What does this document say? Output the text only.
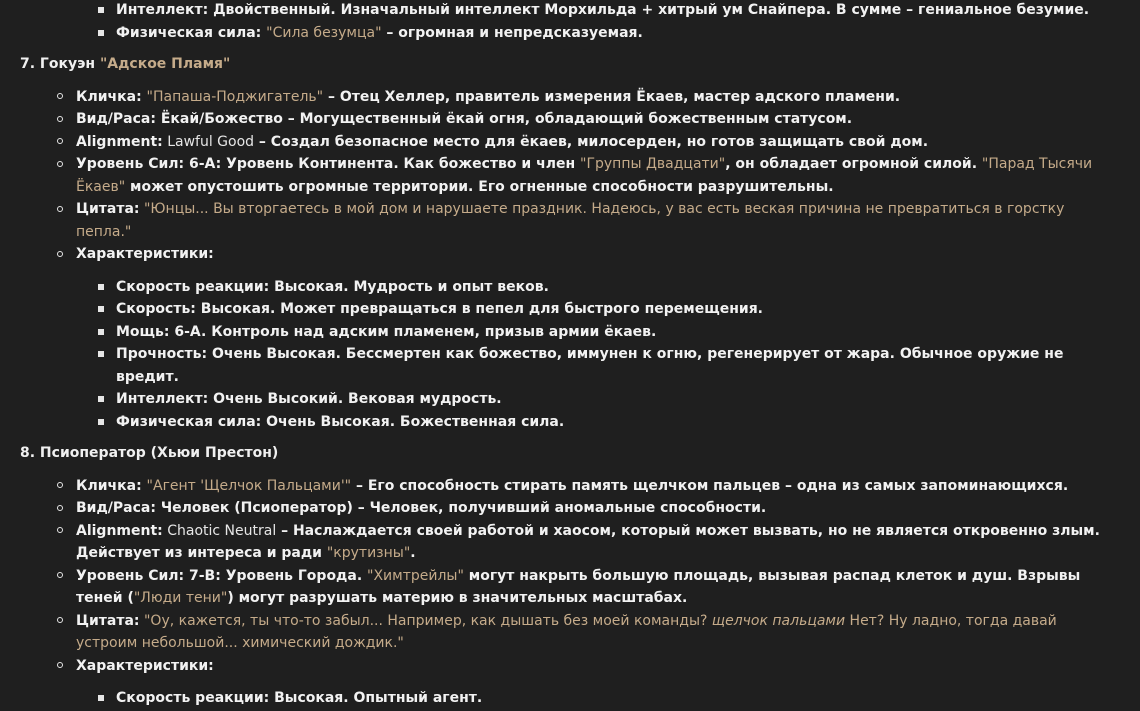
Интеллект: Двойственный. Изначальный интеллект Морхильда + хитрый ум Снайпера. В сумме – гениальное безумие.
Физическая сила: "Сила безумца" – огромная и непредсказуемая.

7. Гокуэн "Адское Пламя"

Кличка: "Папаша-Поджигатель" – Отец Хеллер, правитель измерения Ёкаев, мастер адского пламени.
Вид/Раса: Ёкай/Божество – Могущественный ёкай огня, обладающий божественным статусом.
Alignment: Lawful Good – Создал безопасное место для ёкаев, милосерден, но готов защищать свой дом.
Уровень Сил: 6-A: Уровень Континента. Как божество и член "Группы Двадцати", он обладает огромной силой. "Парад Тысячи Ёкаев" может опустошить огромные территории. Его огненные способности разрушительны.
Цитата: "Юнцы... Вы вторгаетесь в мой дом и нарушаете праздник. Надеюсь, у вас есть веская причина не превратиться в горстку пепла."
Характеристики:
Скорость реакции: Высокая. Мудрость и опыт веков.
Скорость: Высокая. Может превращаться в пепел для быстрого перемещения.
Мощь: 6-A. Контроль над адским пламенем, призыв армии ёкаев.
Прочность: Очень Высокая. Бессмертен как божество, иммунен к огню, регенерирует от жара. Обычное оружие не вредит.
Интеллект: Очень Высокий. Вековая мудрость.
Физическая сила: Очень Высокая. Божественная сила.

8. Псиоператор (Хьюи Престон)

Кличка: "Агент 'Щелчок Пальцами'" – Его способность стирать память щелчком пальцев – одна из самых запоминающихся.
Вид/Раса: Человек (Псиоператор) – Человек, получивший аномальные способности.
Alignment: Chaotic Neutral – Наслаждается своей работой и хаосом, который может вызвать, но не является откровенно злым. Действует из интереса и ради "крутизны".
Уровень Сил: 7-B: Уровень Города. "Химтрейлы" могут накрыть большую площадь, вызывая распад клеток и душ. Взрывы теней ("Люди тени") могут разрушать материю в значительных масштабах.
Цитата: "Оу, кажется, ты что-то забыл... Например, как дышать без моей команды? щелчок пальцами Нет? Ну ладно, тогда давай устроим небольшой... химический дождик."
Характеристики:
Скорость реакции: Высокая. Опытный агент.
